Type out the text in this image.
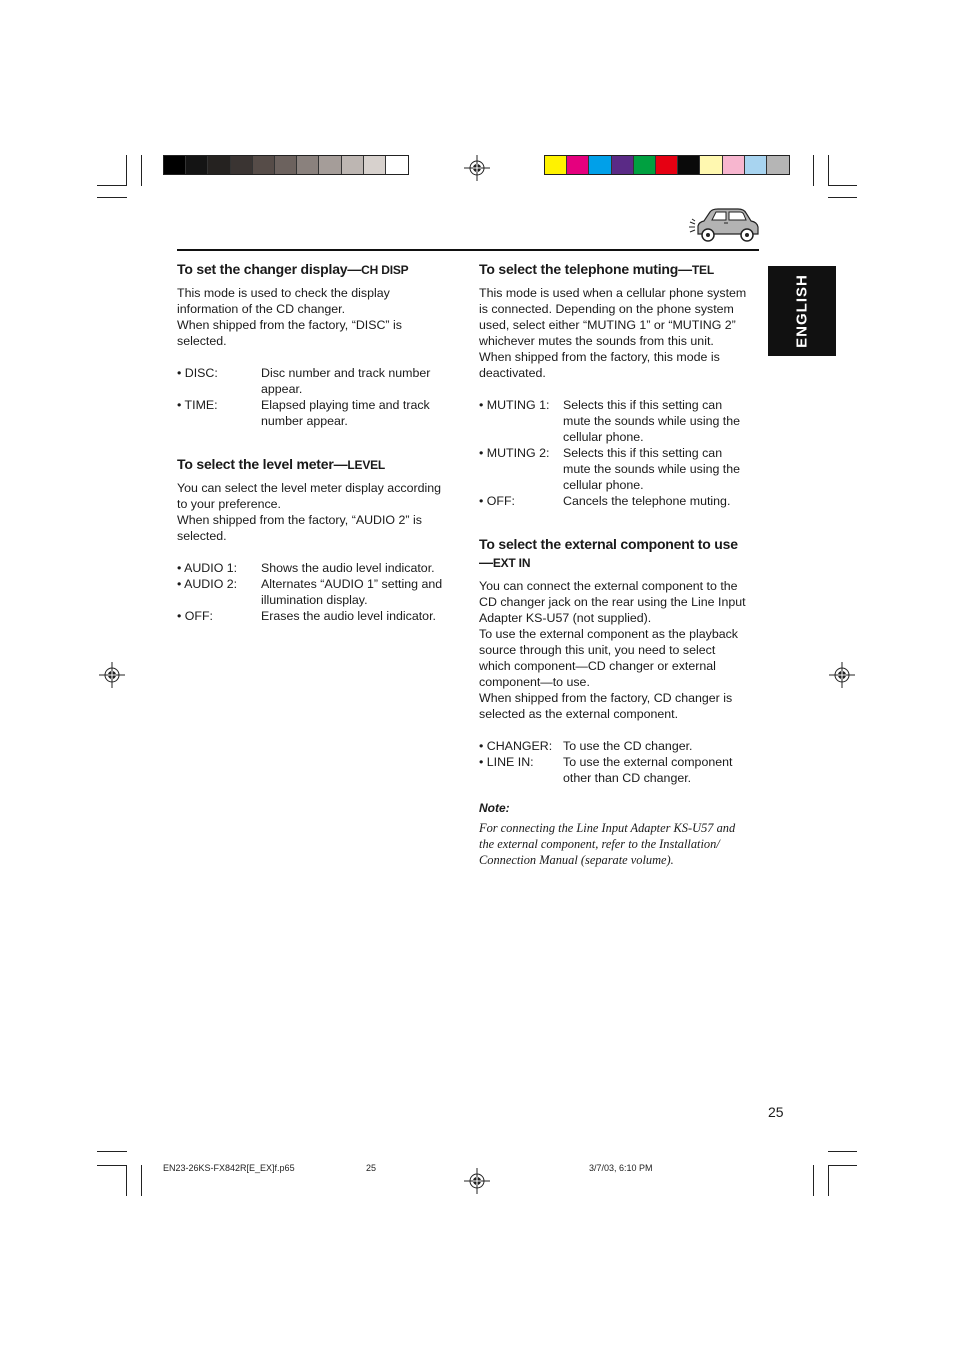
ENGLISH
To set the changer display—CH DISP

This mode is used to check the display

information of the CD changer.

When shipped from the factory, “DISC” is

selected.

• DISC:	Disc number and track number

appear.

• TIME:	Elapsed playing time and track

number appear.

To select the level meter—LEVEL

You can select the level meter display according

to your preference.

When shipped from the factory, “AUDIO 2” is

selected.

• AUDIO 1: Shows the audio level indicator.

• AUDIO 2: Alternates “AUDIO 1” setting and

illumination display.

• OFF:	Erases the audio level indicator.

To select the telephone muting—TEL

This mode is used when a cellular phone system

is connected. Depending on the phone system

used, select either “MUTING 1” or “MUTING 2”

whichever mutes the sounds from this unit.

When shipped from the factory, this mode is

deactivated.

• MUTING 1: Selects this if this setting can

mute the sounds while using the

cellular phone.

• MUTING 2: Selects this if this setting can

mute the sounds while using the

cellular phone.

• OFF:	Cancels the telephone muting.

To select the external component to use
—EXT IN

You can connect the external component to the

CD changer jack on the rear using the Line Input

Adapter KS-U57 (not supplied).

To use the external component as the playback

source through this unit, you need to select

which component—CD changer or external

component—to use.

When shipped from the factory, CD changer is

selected as the external component.

• CHANGER: To use the CD changer.

• LINE IN: To use the external component

other than CD changer.

Note:

For connecting the Line Input Adapter KS-U57 and

the external component, refer to the Installation/

Connection Manual (separate volume).

25
EN23-26KS-FX842R[E_EX]f.p65	25	3/7/03, 6:10 PM
